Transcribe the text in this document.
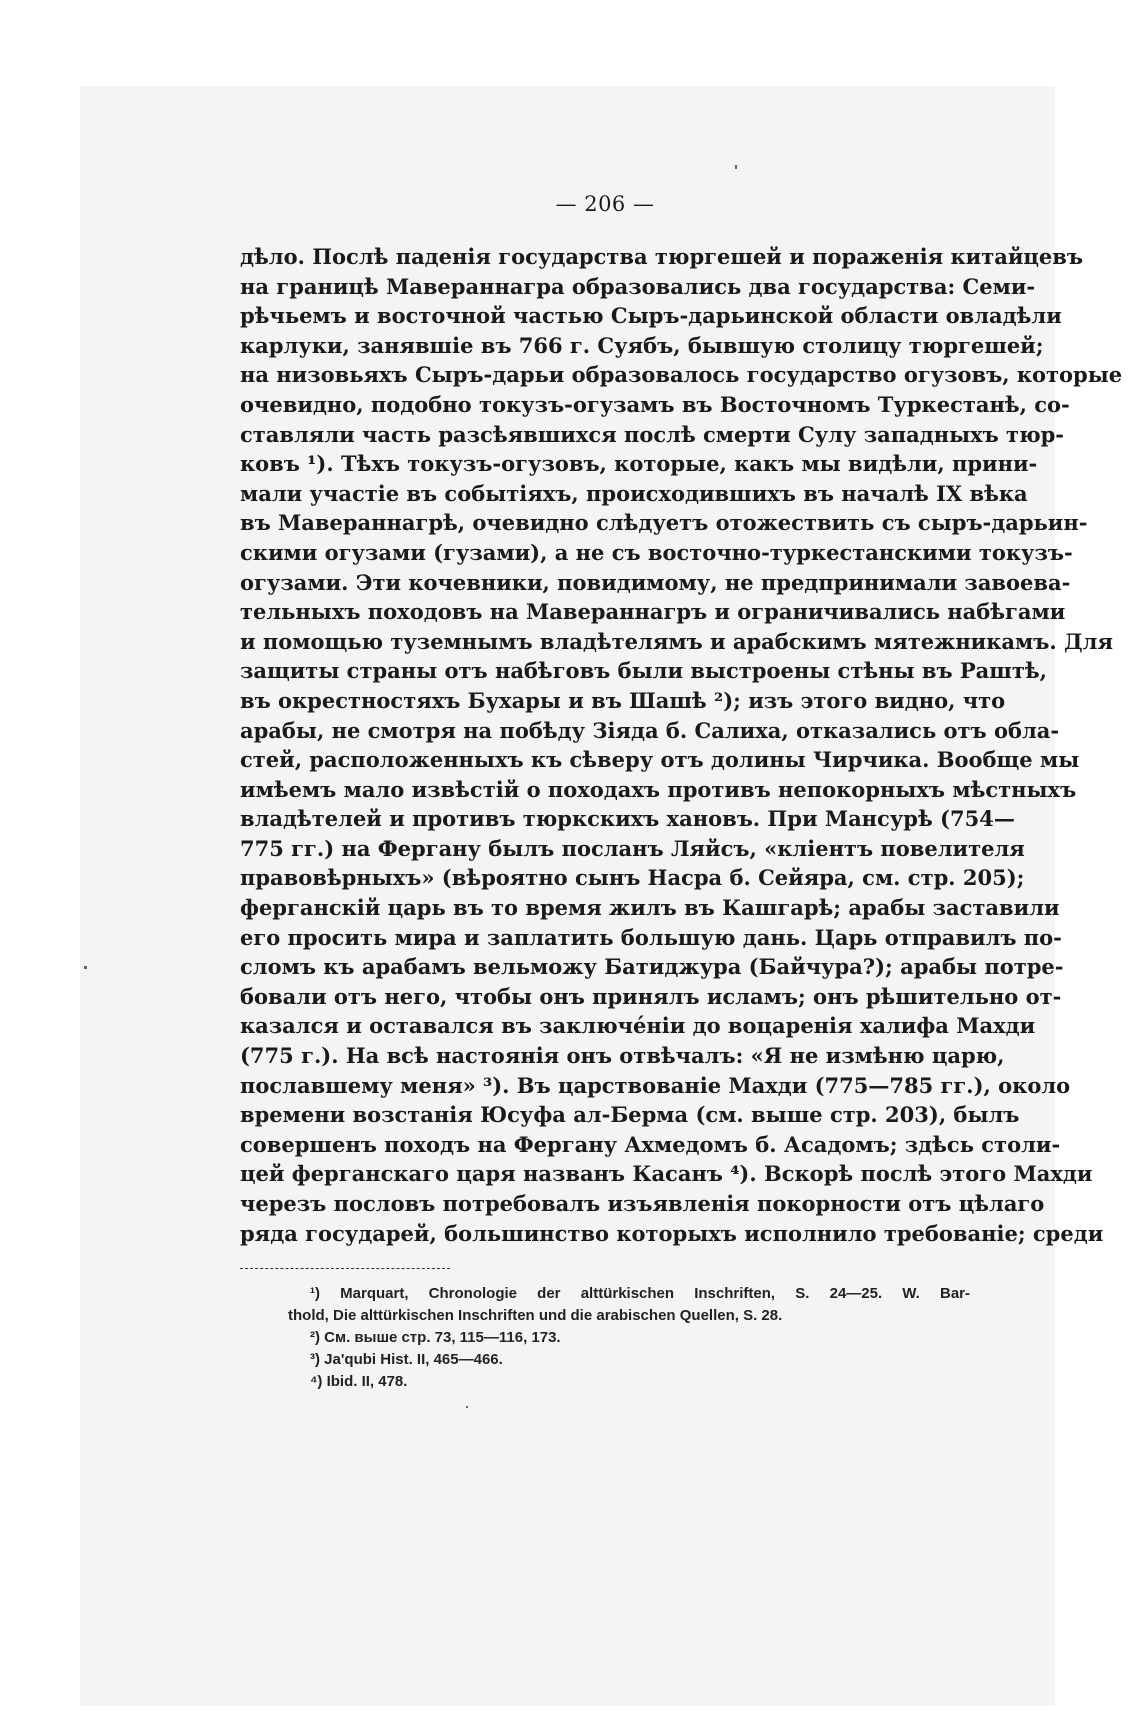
— 206 —
дѣло. Послѣ паденія государства тюргешей и пораженія китайцевъ
на границѣ Мавераннагра образовались два государства: Семи-
рѣчьемъ и восточной частью Сыръ-дарьинской области овладѣли
карлуки, занявшіе въ 766 г. Суябъ, бывшую столицу тюргешей;
на низовьяхъ Сыръ-дарьи образовалось государство огузовъ, которые
очевидно, подобно токузъ-огузамъ въ Восточномъ Туркестанѣ, со-
ставляли часть разсѣявшихся послѣ смерти Сулу западныхъ тюр-
ковъ ¹). Тѣхъ токузъ-огузовъ, которые, какъ мы видѣли, прини-
мали участіе въ событіяхъ, происходившихъ въ началѣ IX вѣка
въ Мавераннагрѣ, очевидно слѣдуетъ отожествить съ сыръ-дарьин-
скими огузами (гузами), а не съ восточно-туркестанскими токузъ-
огузами. Эти кочевники, повидимому, не предпринимали завоева-
тельныхъ походовъ на Мавераннагръ и ограничивались набѣгами
и помощью туземнымъ владѣтелямъ и арабскимъ мятежникамъ. Для
защиты страны отъ набѣговъ были выстроены стѣны въ Раштѣ,
въ окрестностяхъ Бухары и въ Шашѣ ²); изъ этого видно, что
арабы, не смотря на побѣду Зіяда б. Салиха, отказались отъ обла-
стей, расположенныхъ къ сѣверу отъ долины Чирчика. Вообще мы
имѣемъ мало извѣстій о походахъ противъ непокорныхъ мѣстныхъ
владѣтелей и противъ тюркскихъ хановъ. При Мансурѣ (754—
775 гг.) на Фергану былъ посланъ Ляйсъ, «кліентъ повелителя
правовѣрныхъ» (вѣроятно сынъ Насра б. Сейяра, см. стр. 205);
ферганскій царь въ то время жилъ въ Кашгарѣ; арабы заставили
его просить мира и заплатить большую дань. Царь отправилъ по-
сломъ къ арабамъ вельможу Батиджура (Байчура?); арабы потре-
бовали отъ него, чтобы онъ принялъ исламъ; онъ рѣшительно от-
казался и оставался въ заключе́ніи до воцаренія халифа Махди
(775 г.). На всѣ настоянія онъ отвѣчалъ: «Я не измѣню царю,
пославшему меня» ³). Въ царствованіе Махди (775—785 гг.), около
времени возстанія Юсуфа ал-Берма (см. выше стр. 203), былъ
совершенъ походъ на Фергану Ахмедомъ б. Асадомъ; здѣсь столи-
цей ферганскаго царя названъ Касанъ ⁴). Вскорѣ послѣ этого Махди
черезъ пословъ потребовалъ изъявленія покорности отъ цѣлаго
ряда государей, большинство которыхъ исполнило требованіе; среди
¹) Marquart, Chronologie der alttürkischen Inschriften, S. 24—25. W. Bar-
thold, Die alttürkischen Inschriften und die arabischen Quellen, S. 28.
²) См. выше стр. 73, 115—116, 173.
³) Ja'qubi Hist. II, 465—466.
⁴) Ibid. II, 478.
